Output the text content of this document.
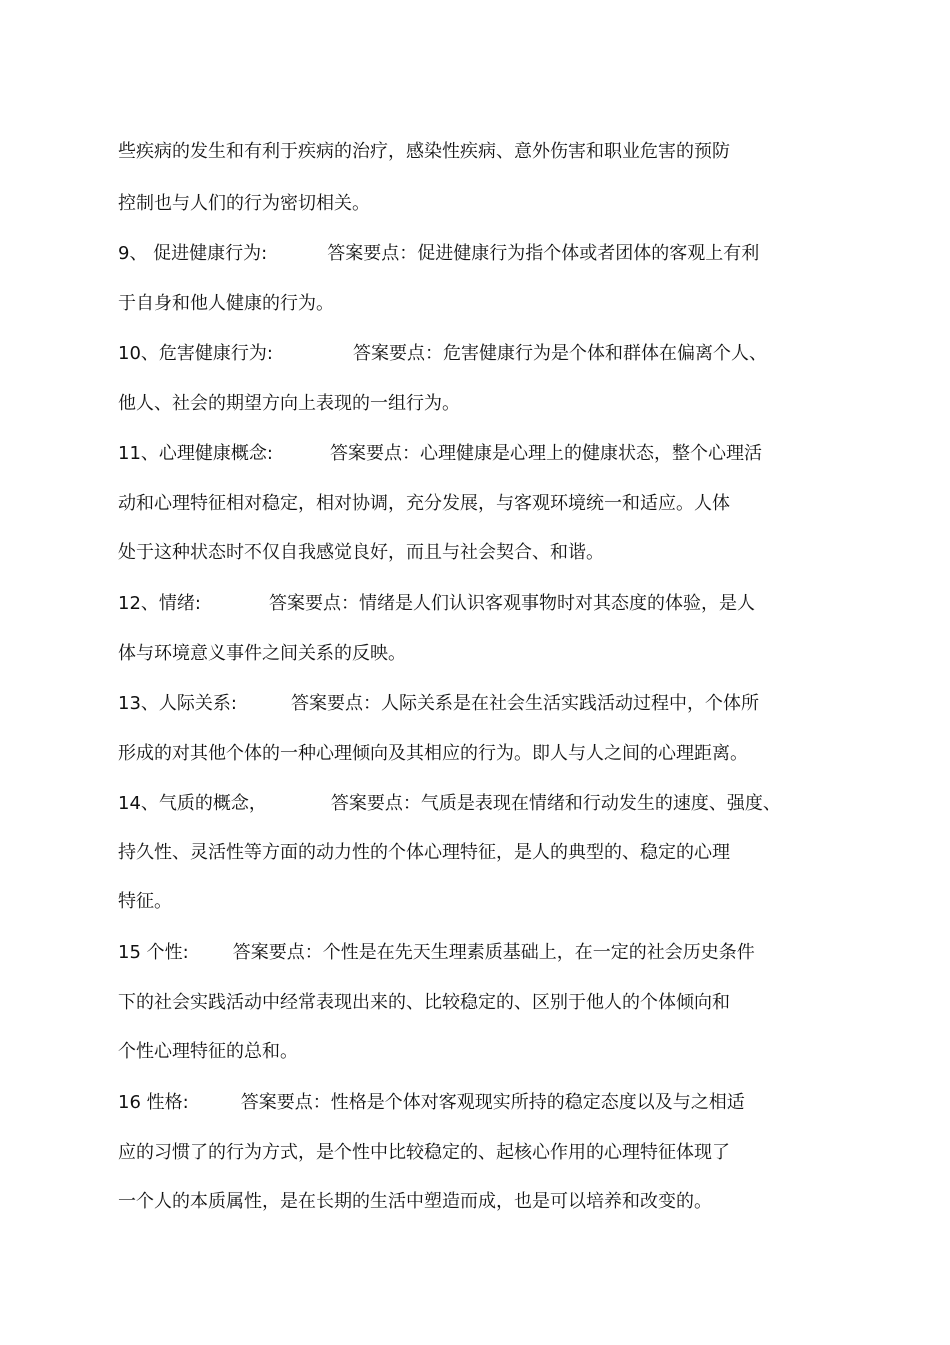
些疾病的发生和有利于疾病的治疗，感染性疾病、意外伤害和职业危害的预防
控制也与人们的行为密切相关。
9、 促进健康行为:	答案要点：促进健康行为指个体或者团体的客观上有利
于自身和他人健康的行为。
10、危害健康行为:	答案要点：危害健康行为是个体和群体在偏离个人、
他人、社会的期望方向上表现的一组行为。
11、心理健康概念:	答案要点：心理健康是心理上的健康状态，整个心理活
动和心理特征相对稳定，相对协调，充分发展，与客观环境统一和适应。人体
处于这种状态时不仅自我感觉良好，而且与社会契合、和谐。
12、情绪:	答案要点：情绪是人们认识客观事物时对其态度的体验，是人
体与环境意义事件之间关系的反映。
13、人际关系:	答案要点：人际关系是在社会生活实践活动过程中，个体所
形成的对其他个体的一种心理倾向及其相应的行为。即人与人之间的心理距离。
14、气质的概念，	答案要点：气质是表现在情绪和行动发生的速度、强度、
持久性、灵活性等方面的动力性的个体心理特征，是人的典型的、稳定的心理
特征。
15 个性: 答案要点：个性是在先天生理素质基础上，在一定的社会历史条件
下的社会实践活动中经常表现出来的、比较稳定的、区别于他人的个体倾向和
个性心理特征的总和。
16 性格:	答案要点：性格是个体对客观现实所持的稳定态度以及与之相适
应的习惯了的行为方式，是个性中比较稳定的、起核心作用的心理特征体现了
一个人的本质属性，是在长期的生活中塑造而成，也是可以培养和改变的。
